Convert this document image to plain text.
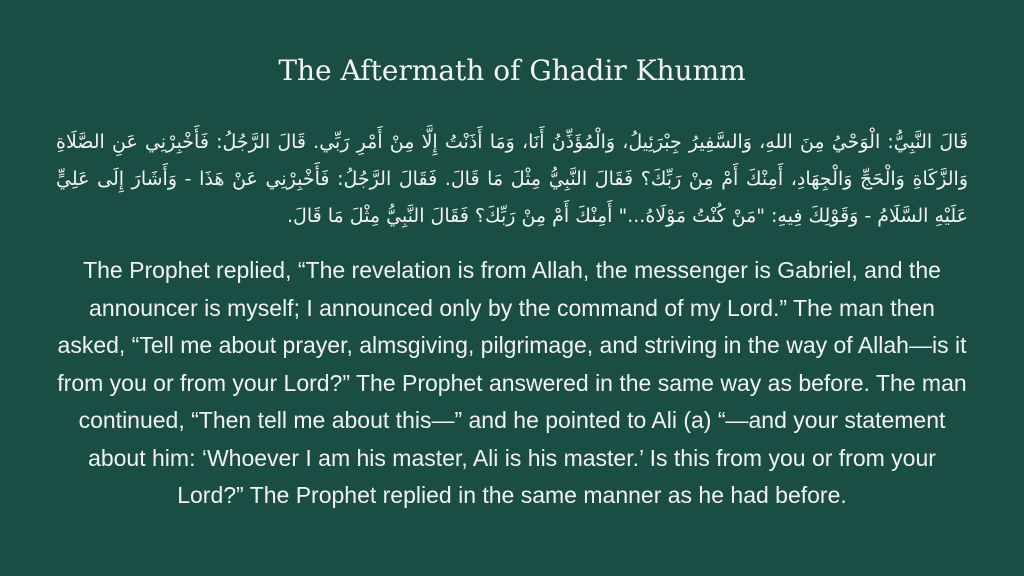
The Aftermath of Ghadir Khumm

قَالَ النَّبِيُّ: الْوَحْيُ مِنَ اللهِ، وَالسَّفِيرُ جِبْرَئِيلُ، وَالْمُؤَذِّنُ أَنَا، وَمَا أَذَنْتُ إِلَّا مِنْ أَمْرِ رَبِّي. قَالَ الرَّجُلُ: فَأَخْبِرْنِي عَنِ الصَّلَاةِ وَالزَّكَاةِ وَالْحَجِّ وَالْجِهَادِ، أَمِنْكَ أَمْ مِنْ رَبِّكَ؟ فَقَالَ النَّبِيُّ مِثْلَ مَا قَالَ. فَقَالَ الرَّجُلُ: فَأَخْبِرْنِي عَنْ هَذَا - وَأَشَارَ إِلَى عَلِيٍّ عَلَيْهِ السَّلَامُ - وَقَوْلِكَ فِيهِ: "مَنْ كُنْتُ مَوْلَاهُ..." أَمِنْكَ أَمْ مِنْ رَبِّكَ؟ فَقَالَ النَّبِيُّ مِثْلَ مَا قَالَ.

The Prophet replied, “The revelation is from Allah, the messenger is Gabriel, and the announcer is myself; I announced only by the command of my Lord.” The man then asked, “Tell me about prayer, almsgiving, pilgrimage, and striving in the way of Allah—is it from you or from your Lord?” The Prophet answered in the same way as before. The man continued, “Then tell me about this—” and he pointed to Ali (a) “—and your statement about him: ‘Whoever I am his master, Ali is his master.’ Is this from you or from your Lord?” The Prophet replied in the same manner as he had before.
